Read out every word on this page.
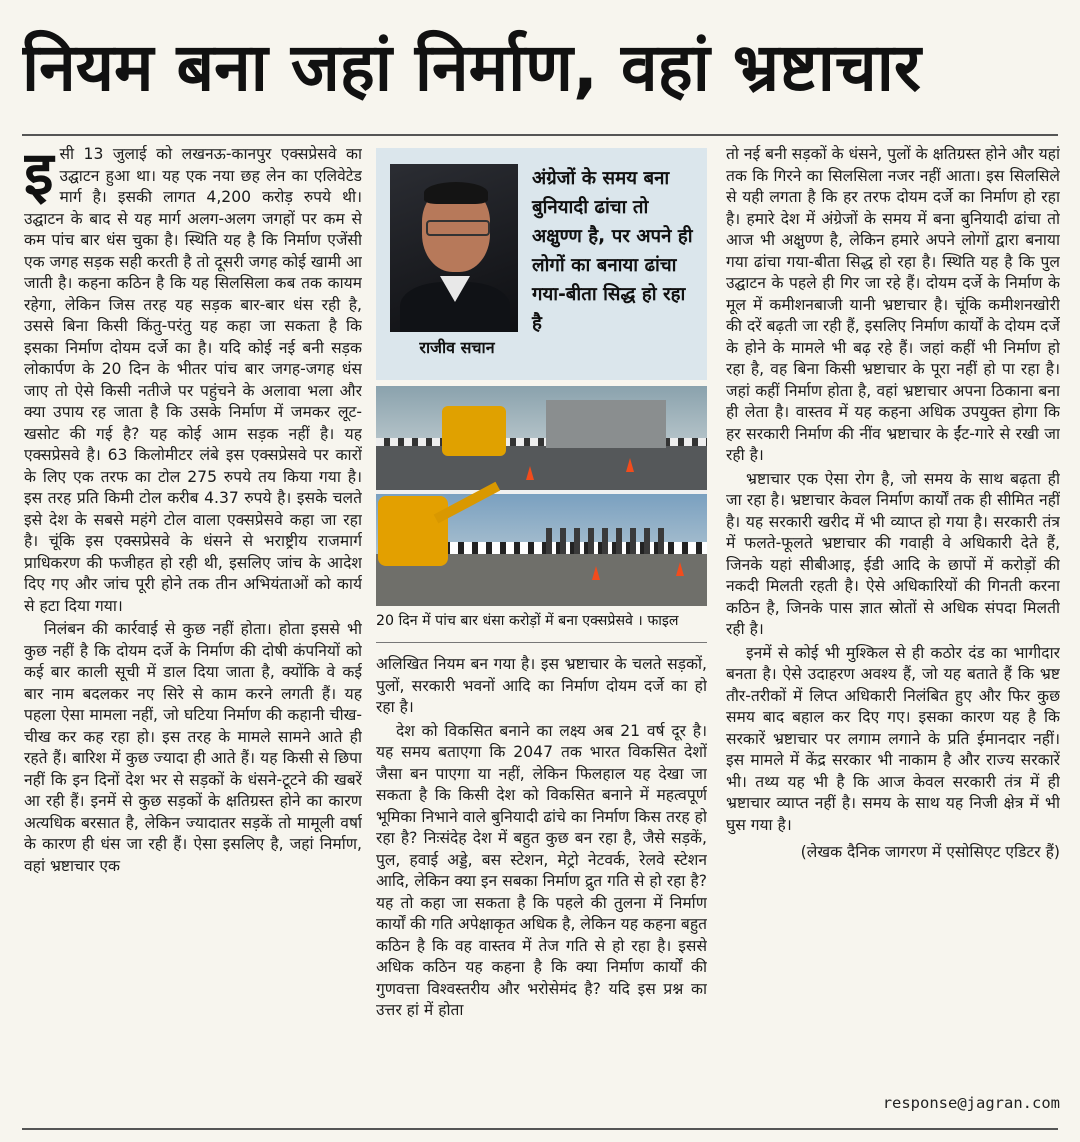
नियम बना जहां निर्माण, वहां भ्रष्टाचार

इसी 13 जुलाई को लखनऊ-कानपुर एक्सप्रेसवे का उद्घाटन हुआ था। यह एक नया छह लेन का एलिवेटेड मार्ग है। इसकी लागत 4,200 करोड़ रुपये थी। उद्घाटन के बाद से यह मार्ग अलग-अलग जगहों पर कम से कम पांच बार धंस चुका है। स्थिति यह है कि निर्माण एजेंसी एक जगह सड़क सही करती है तो दूसरी जगह कोई खामी आ जाती है। कहना कठिन है कि यह सिलसिला कब तक कायम रहेगा, लेकिन जिस तरह यह सड़क बार-बार धंस रही है, उससे बिना किसी किंतु-परंतु यह कहा जा सकता है कि इसका निर्माण दोयम दर्जे का है। यदि कोई नई बनी सड़क लोकार्पण के 20 दिन के भीतर पांच बार जगह-जगह धंस जाए तो ऐसे किसी नतीजे पर पहुंचने के अलावा भला और क्या उपाय रह जाता है कि उसके निर्माण में जमकर लूट-खसोट की गई है? यह कोई आम सड़क नहीं है। यह एक्सप्रेसवे है। 63 किलोमीटर लंबे इस एक्सप्रेसवे पर कारों के लिए एक तरफ का टोल 275 रुपये तय किया गया है। इस तरह प्रति किमी टोल करीब 4.37 रुपये है। इसके चलते इसे देश के सबसे महंगे टोल वाला एक्सप्रेसवे कहा जा रहा है। चूंकि इस एक्सप्रेसवे के धंसने से भराष्ट्रीय राजमार्ग प्राधिकरण की फजीहत हो रही थी, इसलिए जांच के आदेश दिए गए और जांच पूरी होने तक तीन अभियंताओं को कार्य से हटा दिया गया।

निलंबन की कार्रवाई से कुछ नहीं होता। होता इससे भी कुछ नहीं है कि दोयम दर्जे के निर्माण की दोषी कंपनियों को कई बार काली सूची में डाल दिया जाता है, क्योंकि वे कई बार नाम बदलकर नए सिरे से काम करने लगती हैं। यह पहला ऐसा मामला नहीं, जो घटिया निर्माण की कहानी चीख-चीख कर कह रहा हो। इस तरह के मामले सामने आते ही रहते हैं। बारिश में कुछ ज्यादा ही आते हैं। यह किसी से छिपा नहीं कि इन दिनों देश भर से सड़कों के धंसने-टूटने की खबरें आ रही हैं। इनमें से कुछ सड़कों के क्षतिग्रस्त होने का कारण अत्यधिक बरसात है, लेकिन ज्यादातर सड़कें तो मामूली वर्षा के कारण ही धंस जा रही हैं। ऐसा इसलिए है, जहां निर्माण, वहां भ्रष्टाचार एक

राजीव सचान
अंग्रेजों के समय बना बुनियादी ढांचा तो अक्षुण्ण है, पर अपने ही लोगों का बनाया ढांचा गया-बीता सिद्ध हो रहा है
20 दिन में पांच बार धंसा करोड़ों में बना एक्सप्रेसवे । फाइल

अलिखित नियम बन गया है। इस भ्रष्टाचार के चलते सड़कों, पुलों, सरकारी भवनों आदि का निर्माण दोयम दर्जे का हो रहा है।

देश को विकसित बनाने का लक्ष्य अब 21 वर्ष दूर है। यह समय बताएगा कि 2047 तक भारत विकसित देशों जैसा बन पाएगा या नहीं, लेकिन फिलहाल यह देखा जा सकता है कि किसी देश को विकसित बनाने में महत्वपूर्ण भूमिका निभाने वाले बुनियादी ढांचे का निर्माण किस तरह हो रहा है? निःसंदेह देश में बहुत कुछ बन रहा है, जैसे सड़कें, पुल, हवाई अड्डे, बस स्टेशन, मेट्रो नेटवर्क, रेलवे स्टेशन आदि, लेकिन क्या इन सबका निर्माण द्रुत गति से हो रहा है? यह तो कहा जा सकता है कि पहले की तुलना में निर्माण कार्यों की गति अपेक्षाकृत अधिक है, लेकिन यह कहना बहुत कठिन है कि वह वास्तव में तेज गति से हो रहा है। इससे अधिक कठिन यह कहना है कि क्या निर्माण कार्यों की गुणवत्ता विश्वस्तरीय और भरोसेमंद है? यदि इस प्रश्न का उत्तर हां में होता

तो नई बनी सड़कों के धंसने, पुलों के क्षतिग्रस्त होने और यहां तक कि गिरने का सिलसिला नजर नहीं आता। इस सिलसिले से यही लगता है कि हर तरफ दोयम दर्जे का निर्माण हो रहा है। हमारे देश में अंग्रेजों के समय में बना बुनियादी ढांचा तो आज भी अक्षुण्ण है, लेकिन हमारे अपने लोगों द्वारा बनाया गया ढांचा गया-बीता सिद्ध हो रहा है। स्थिति यह है कि पुल उद्घाटन के पहले ही गिर जा रहे हैं। दोयम दर्जे के निर्माण के मूल में कमीशनबाजी यानी भ्रष्टाचार है। चूंकि कमीशनखोरी की दरें बढ़ती जा रही हैं, इसलिए निर्माण कार्यों के दोयम दर्जे के होने के मामले भी बढ़ रहे हैं। जहां कहीं भी निर्माण हो रहा है, वह बिना किसी भ्रष्टाचार के पूरा नहीं हो पा रहा है। जहां कहीं निर्माण होता है, वहां भ्रष्टाचार अपना ठिकाना बना ही लेता है। वास्तव में यह कहना अधिक उपयुक्त होगा कि हर सरकारी निर्माण की नींव भ्रष्टाचार के ईंट-गारे से रखी जा रही है।

भ्रष्टाचार एक ऐसा रोग है, जो समय के साथ बढ़ता ही जा रहा है। भ्रष्टाचार केवल निर्माण कार्यों तक ही सीमित नहीं है। यह सरकारी खरीद में भी व्याप्त हो गया है। सरकारी तंत्र में फलते-फूलते भ्रष्टाचार की गवाही वे अधिकारी देते हैं, जिनके यहां सीबीआइ, ईडी आदि के छापों में करोड़ों की नकदी मिलती रहती है। ऐसे अधिकारियों की गिनती करना कठिन है, जिनके पास ज्ञात स्रोतों से अधिक संपदा मिलती रही है।

इनमें से कोई भी मुश्किल से ही कठोर दंड का भागीदार बनता है। ऐसे उदाहरण अवश्य हैं, जो यह बताते हैं कि भ्रष्ट तौर-तरीकों में लिप्त अधिकारी निलंबित हुए और फिर कुछ समय बाद बहाल कर दिए गए। इसका कारण यह है कि सरकारें भ्रष्टाचार पर लगाम लगाने के प्रति ईमानदार नहीं। इस मामले में केंद्र सरकार भी नाकाम है और राज्य सरकारें भी। तथ्य यह भी है कि आज केवल सरकारी तंत्र में ही भ्रष्टाचार व्याप्त नहीं है। समय के साथ यह निजी क्षेत्र में भी घुस गया है।

(लेखक दैनिक जागरण में एसोसिएट एडिटर हैं)

response@jagran.com
